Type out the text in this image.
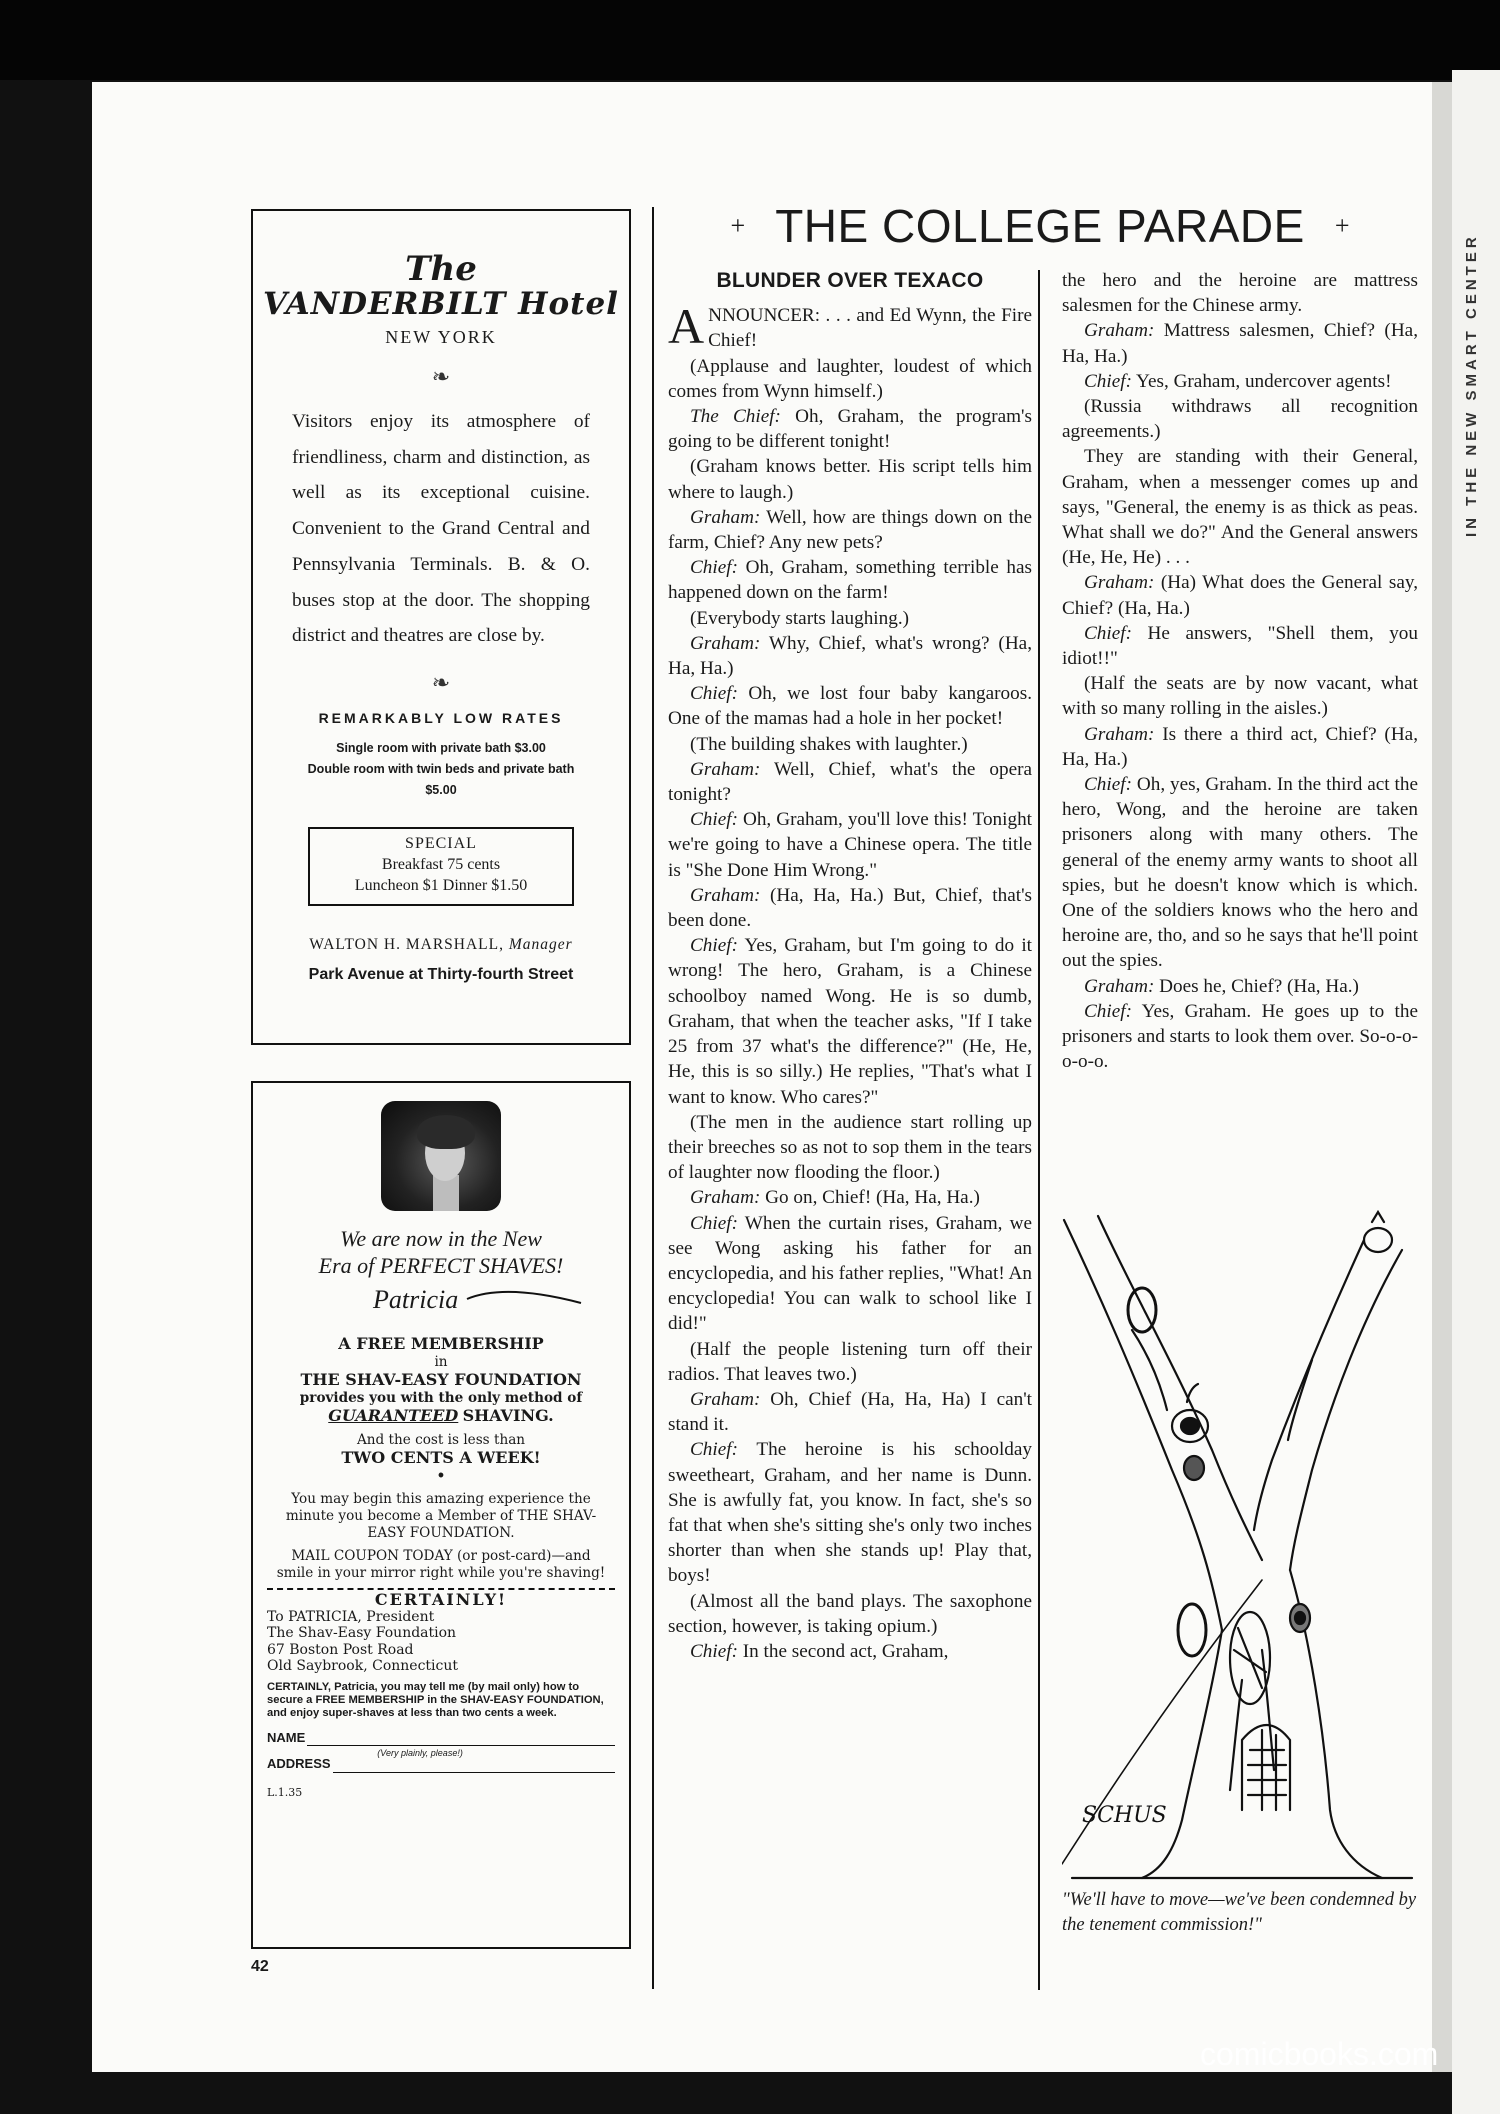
IN THE NEW SMART CENTER
The
VANDERBILT Hotel
NEW YORK
❧
Visitors enjoy its atmosphere of friendliness, charm and distinction, as well as its exceptional cuisine. Convenient to the Grand Central and Pennsylvania Terminals. B. & O. buses stop at the door. The shopping district and theatres are close by.
❧
REMARKABLY LOW RATES
Single room with private bath $3.00
Double room with twin beds and private bath $5.00
SPECIAL
Breakfast 75 cents
Luncheon $1 Dinner $1.50
WALTON H. MARSHALL, Manager
Park Avenue at Thirty-fourth Street
We are now in the New
Era of PERFECT SHAVES!
Patricia

A FREE MEMBERSHIP
in
THE SHAV-EASY FOUNDATION
provides you with the only method of
GUARANTEED SHAVING.

And the cost is less than
TWO CENTS A WEEK!
•

You may begin this amazing experience the minute you become a Member of THE SHAV-EASY FOUNDATION.

MAIL COUPON TODAY (or post-card)—and smile in your mirror right while you're shaving!

CERTAINLY!
To PATRICIA, President
The Shav-Easy Foundation
67 Boston Post Road
Old Saybrook, Connecticut
CERTAINLY, Patricia, you may tell me (by mail only) how to secure a FREE MEMBERSHIP in the SHAV-EASY FOUNDATION, and enjoy super-shaves at less than two cents a week.
NAME
(Very plainly, please!)
ADDRESS
L.1.35
42
+ THE COLLEGE PARADE +
BLUNDER OVER TEXACO

ANNOUNCER: . . . and Ed Wynn, the Fire Chief!

(Applause and laughter, loudest of which comes from Wynn himself.)

The Chief: Oh, Graham, the program's going to be different tonight!

(Graham knows better. His script tells him where to laugh.)

Graham: Well, how are things down on the farm, Chief? Any new pets?

Chief: Oh, Graham, something terrible has happened down on the farm!

(Everybody starts laughing.)

Graham: Why, Chief, what's wrong? (Ha, Ha, Ha.)

Chief: Oh, we lost four baby kangaroos. One of the mamas had a hole in her pocket!

(The building shakes with laughter.)

Graham: Well, Chief, what's the opera tonight?

Chief: Oh, Graham, you'll love this! Tonight we're going to have a Chinese opera. The title is "She Done Him Wrong."

Graham: (Ha, Ha, Ha.) But, Chief, that's been done.

Chief: Yes, Graham, but I'm going to do it wrong! The hero, Graham, is a Chinese schoolboy named Wong. He is so dumb, Graham, that when the teacher asks, "If I take 25 from 37 what's the difference?" (He, He, He, this is so silly.) He replies, "That's what I want to know. Who cares?"

(The men in the audience start rolling up their breeches so as not to sop them in the tears of laughter now flooding the floor.)

Graham: Go on, Chief! (Ha, Ha, Ha.)

Chief: When the curtain rises, Graham, we see Wong asking his father for an encyclopedia, and his father replies, "What! An encyclopedia! You can walk to school like I did!"

(Half the people listening turn off their radios. That leaves two.)

Graham: Oh, Chief (Ha, Ha, Ha) I can't stand it.

Chief: The heroine is his schoolday sweetheart, Graham, and her name is Dunn. She is awfully fat, you know. In fact, she's so fat that when she's sitting she's only two inches shorter than when she stands up! Play that, boys!

(Almost all the band plays. The saxophone section, however, is taking opium.)

Chief: In the second act, Graham,

the hero and the heroine are mattress salesmen for the Chinese army.

Graham: Mattress salesmen, Chief? (Ha, Ha, Ha.)

Chief: Yes, Graham, undercover agents!

(Russia withdraws all recognition agreements.)

They are standing with their General, Graham, when a messenger comes up and says, "General, the enemy is as thick as peas. What shall we do?" And the General answers (He, He, He) . . .

Graham: (Ha) What does the General say, Chief? (Ha, Ha.)

Chief: He answers, "Shell them, you idiot!!"

(Half the seats are by now vacant, what with so many rolling in the aisles.)

Graham: Is there a third act, Chief? (Ha, Ha, Ha.)

Chief: Oh, yes, Graham. In the third act the hero, Wong, and the heroine are taken prisoners along with many others. The general of the enemy army wants to shoot all spies, but he doesn't know which is which. One of the soldiers knows who the hero and heroine are, tho, and so he says that he'll point out the spies.

Graham: Does he, Chief? (Ha, Ha.)

Chief: Yes, Graham. He goes up to the prisoners and starts to look them over. So-o-o-o-o-o.

SCHUS
"We'll have to move—we've been condemned by the tenement commission!"
comicbooks.com
